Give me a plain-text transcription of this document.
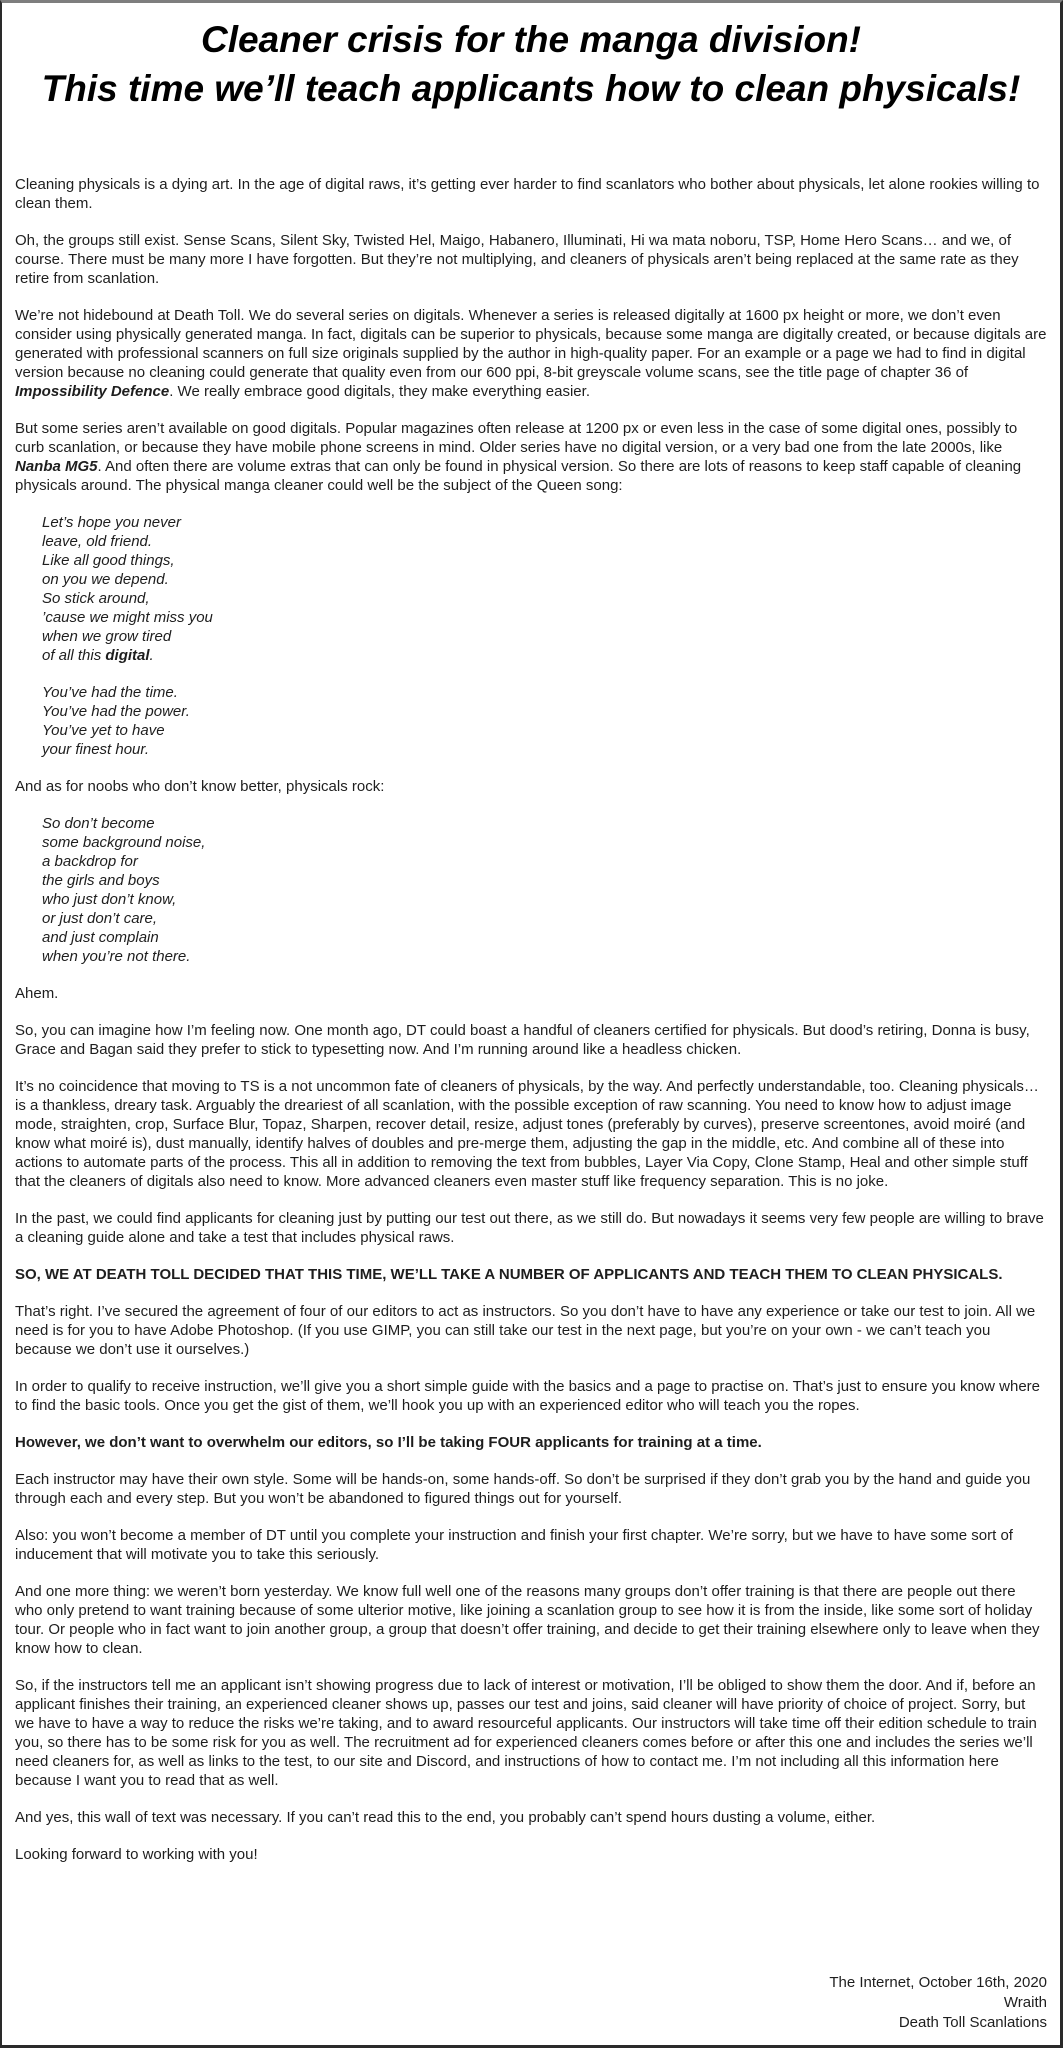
Cleaner crisis for the manga division!
This time we’ll teach applicants how to clean physicals!
Cleaning physicals is a dying art. In the age of digital raws, it’s getting ever harder to find scanlators who bother about physicals, let alone rookies willing to clean them.
Oh, the groups still exist. Sense Scans, Silent Sky, Twisted Hel, Maigo, Habanero, Illuminati, Hi wa mata noboru, TSP, Home Hero Scans… and we, of course. There must be many more I have forgotten. But they’re not multiplying, and cleaners of physicals aren’t being replaced at the same rate as they retire from scanlation.
We’re not hidebound at Death Toll. We do several series on digitals. Whenever a series is released digitally at 1600 px height or more, we don’t even consider using physically generated manga. In fact, digitals can be superior to physicals, because some manga are digitally created, or because digitals are generated with professional scanners on full size originals supplied by the author in high-quality paper. For an example or a page we had to find in digital version because no cleaning could generate that quality even from our 600 ppi, 8-bit greyscale volume scans, see the title page of chapter 36 of Impossibility Defence. We really embrace good digitals, they make everything easier.
But some series aren’t available on good digitals. Popular magazines often release at 1200 px or even less in the case of some digital ones, possibly to curb scanlation, or because they have mobile phone screens in mind. Older series have no digital version, or a very bad one from the late 2000s, like Nanba MG5. And often there are volume extras that can only be found in physical version. So there are lots of reasons to keep staff capable of cleaning physicals around. The physical manga cleaner could well be the subject of the Queen song:
Let’s hope you never
leave, old friend.
Like all good things,
on you we depend.
So stick around,
’cause we might miss you
when we grow tired
of all this digital.
You’ve had the time.
You’ve had the power.
You’ve yet to have
your finest hour.
And as for noobs who don’t know better, physicals rock:
So don’t become
some background noise,
a backdrop for
the girls and boys
who just don’t know,
or just don’t care,
and just complain
when you’re not there.
Ahem.
So, you can imagine how I’m feeling now. One month ago, DT could boast a handful of cleaners certified for physicals. But dood’s retiring, Donna is busy, Grace and Bagan said they prefer to stick to typesetting now. And I’m running around like a headless chicken.
It’s no coincidence that moving to TS is a not uncommon fate of cleaners of physicals, by the way. And perfectly understandable, too. Cleaning physicals… is a thankless, dreary task. Arguably the dreariest of all scanlation, with the possible exception of raw scanning. You need to know how to adjust image mode, straighten, crop, Surface Blur, Topaz, Sharpen, recover detail, resize, adjust tones (preferably by curves), preserve screentones, avoid moiré (and know what moiré is), dust manually, identify halves of doubles and pre-merge them, adjusting the gap in the middle, etc. And combine all of these into actions to automate parts of the process. This all in addition to removing the text from bubbles, Layer Via Copy, Clone Stamp, Heal and other simple stuff that the cleaners of digitals also need to know. More advanced cleaners even master stuff like frequency separation. This is no joke.
In the past, we could find applicants for cleaning just by putting our test out there, as we still do. But nowadays it seems very few people are willing to brave a cleaning guide alone and take a test that includes physical raws.
SO, WE AT DEATH TOLL DECIDED THAT THIS TIME, WE’LL TAKE A NUMBER OF APPLICANTS AND TEACH THEM TO CLEAN PHYSICALS.
That’s right. I’ve secured the agreement of four of our editors to act as instructors. So you don’t have to have any experience or take our test to join. All we need is for you to have Adobe Photoshop. (If you use GIMP, you can still take our test in the next page, but you’re on your own - we can’t teach you because we don’t use it ourselves.)
In order to qualify to receive instruction, we’ll give you a short simple guide with the basics and a page to practise on. That’s just to ensure you know where to find the basic tools. Once you get the gist of them, we’ll hook you up with an experienced editor who will teach you the ropes.
However, we don’t want to overwhelm our editors, so I’ll be taking FOUR applicants for training at a time.
Each instructor may have their own style. Some will be hands-on, some hands-off. So don’t be surprised if they don’t grab you by the hand and guide you through each and every step. But you won’t be abandoned to figured things out for yourself.
Also: you won’t become a member of DT until you complete your instruction and finish your first chapter. We’re sorry, but we have to have some sort of inducement that will motivate you to take this seriously.
And one more thing: we weren’t born yesterday. We know full well one of the reasons many groups don’t offer training is that there are people out there who only pretend to want training because of some ulterior motive, like joining a scanlation group to see how it is from the inside, like some sort of holiday tour. Or people who in fact want to join another group, a group that doesn’t offer training, and decide to get their training elsewhere only to leave when they know how to clean.
So, if the instructors tell me an applicant isn’t showing progress due to lack of interest or motivation, I’ll be obliged to show them the door. And if, before an applicant finishes their training, an experienced cleaner shows up, passes our test and joins, said cleaner will have priority of choice of project. Sorry, but we have to have a way to reduce the risks we’re taking, and to award resourceful applicants. Our instructors will take time off their edition schedule to train you, so there has to be some risk for you as well. The recruitment ad for experienced cleaners comes before or after this one and includes the series we’ll need cleaners for, as well as links to the test, to our site and Discord, and instructions of how to contact me. I’m not including all this information here because I want you to read that as well.
And yes, this wall of text was necessary. If you can’t read this to the end, you probably can’t spend hours dusting a volume, either.
Looking forward to working with you!
The Internet, October 16th, 2020
Wraith
Death Toll Scanlations
